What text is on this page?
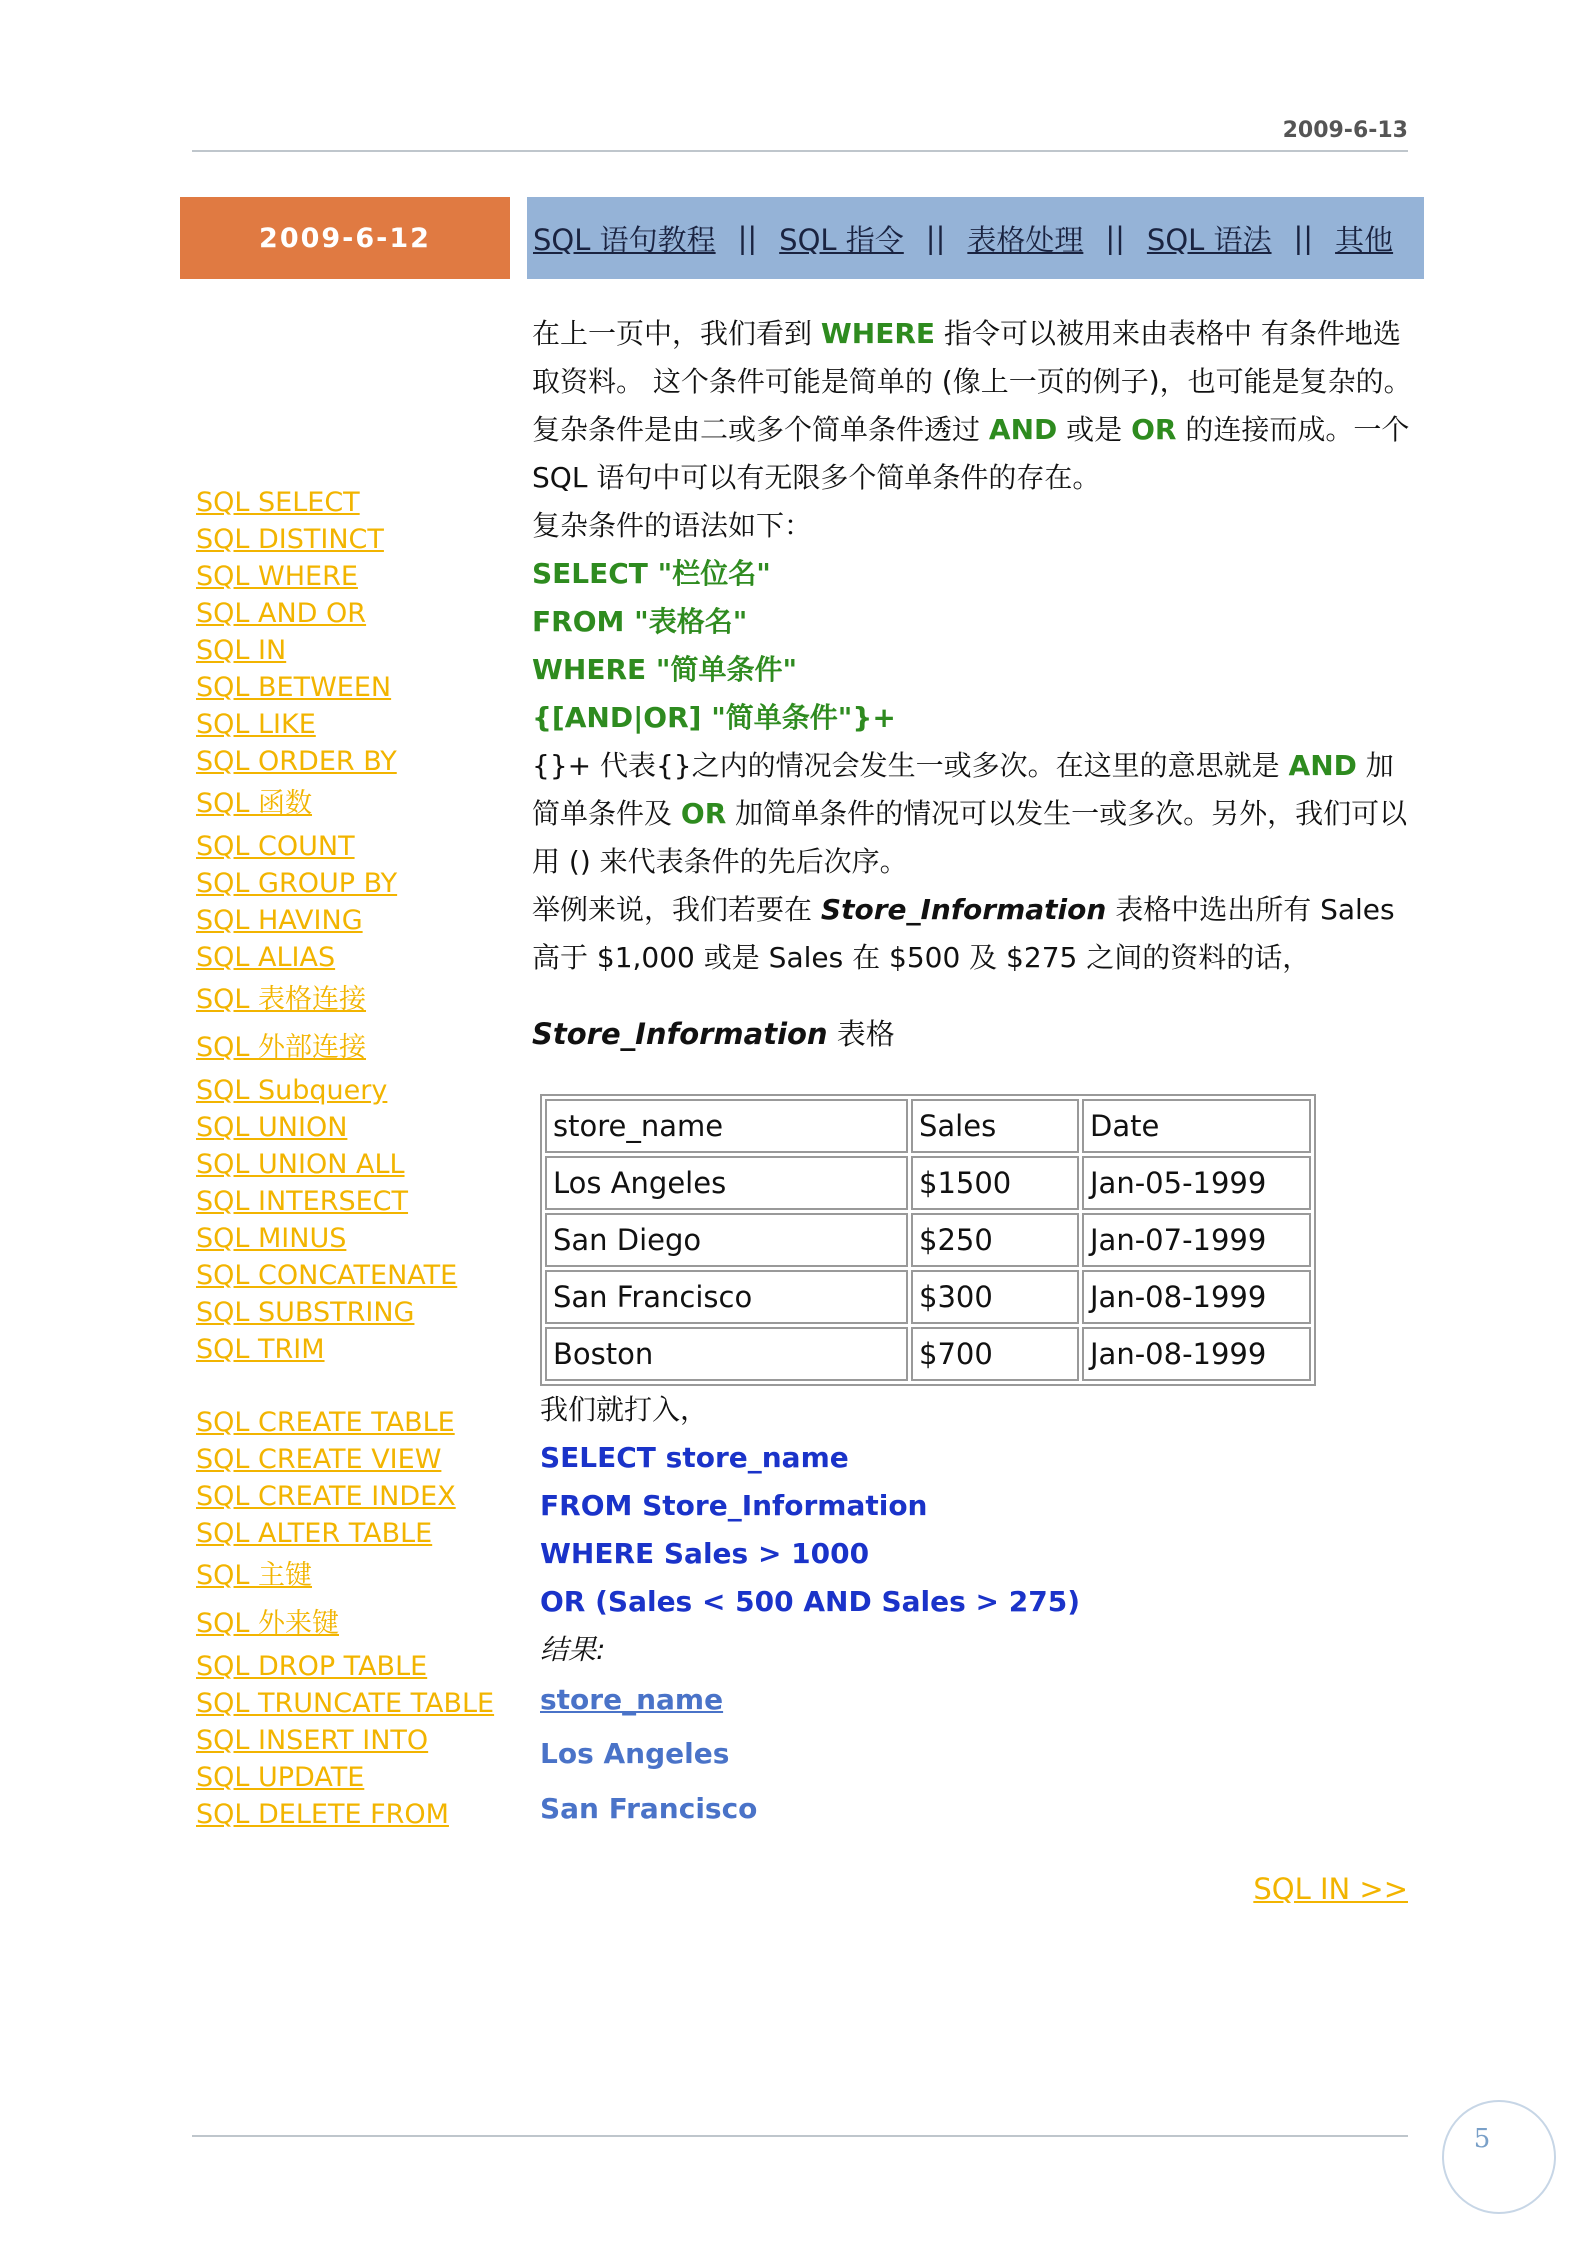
2009-6-13
2009-6-12	SQL 语句教程 || SQL 指令 || 表格处理 || SQL 语法 || 其他
SQL SELECT
SQL DISTINCT
SQL WHERE
SQL AND OR
SQL IN
SQL BETWEEN
SQL LIKE
SQL ORDER BY
SQL 函数
SQL COUNT
SQL GROUP BY
SQL HAVING
SQL ALIAS
SQL 表格连接
SQL 外部连接
SQL Subquery
SQL UNION
SQL UNION ALL
SQL INTERSECT
SQL MINUS
SQL CONCATENATE
SQL SUBSTRING
SQL TRIM
SQL CREATE TABLE
SQL CREATE VIEW
SQL CREATE INDEX
SQL ALTER TABLE
SQL 主键
SQL 外来键
SQL DROP TABLE
SQL TRUNCATE TABLE
SQL INSERT INTO
SQL UPDATE
SQL DELETE FROM

在上一页中，我们看到 WHERE 指令可以被用来由表格中 有条件地选取资料。 这个条件可能是简单的 (像上一页的例子)，也可能是复杂的。复杂条件是由二或多个简单条件透过 AND 或是 OR 的连接而成。一个 SQL 语句中可以有无限多个简单条件的存在。

复杂条件的语法如下：

SELECT "栏位名"
FROM "表格名"
WHERE "简单条件"
{[AND|OR] "简单条件"}+

{}+ 代表{}之内的情况会发生一或多次。在这里的意思就是 AND 加简单条件及 OR 加简单条件的情况可以发生一或多次。另外，我们可以用 () 来代表条件的先后次序。

举例来说，我们若要在 Store_Information 表格中选出所有 Sales 高于 $1,000 或是 Sales 在 $500 及 $275 之间的资料的话，

Store_Information 表格
store_name	Sales	Date
Los Angeles	$1500	Jan-05-1999
San Diego	$250	Jan-07-1999
San Francisco	$300	Jan-08-1999
Boston	$700	Jan-08-1999
我们就打入，
SELECT store_name
FROM Store_Information
WHERE Sales > 1000
OR (Sales < 500 AND Sales > 275)
结果:
store_name
Los Angeles
San Francisco
SQL IN >>
5
